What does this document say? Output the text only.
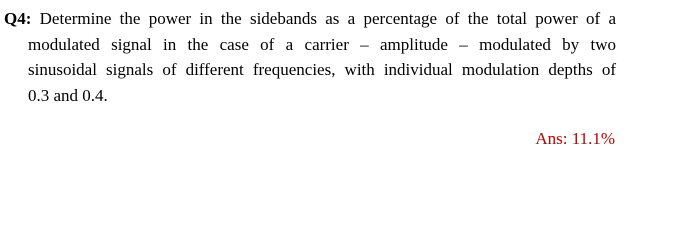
Q4: Determine the power in the sidebands as a percentage of the total power of a
modulated signal in the case of a carrier – amplitude – modulated by two
sinusoidal signals of different frequencies, with individual modulation depths of
0.3 and 0.4.
Ans: 11.1%
